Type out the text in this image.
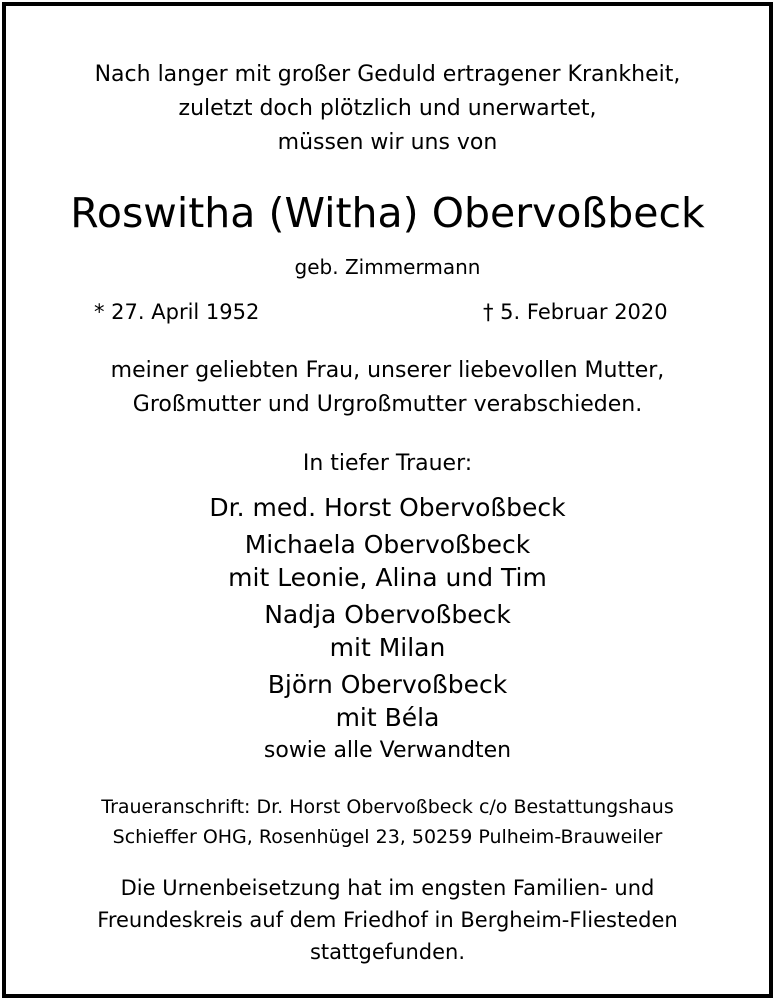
Nach langer mit großer Geduld ertragener Krankheit,
zuletzt doch plötzlich und unerwartet,
müssen wir uns von
Roswitha (Witha) Obervoßbeck
geb. Zimmermann
* 27. April 1952	† 5. Februar 2020
meiner geliebten Frau, unserer liebevollen Mutter,
Großmutter und Urgroßmutter verabschieden.
In tiefer Trauer:
Dr. med. Horst Obervoßbeck
Michaela Obervoßbeck
mit Leonie, Alina und Tim
Nadja Obervoßbeck
mit Milan
Björn Obervoßbeck
mit Béla
sowie alle Verwandten
Traueranschrift: Dr. Horst Obervoßbeck c/o Bestattungshaus
Schieffer OHG, Rosenhügel 23, 50259 Pulheim-Brauweiler
Die Urnenbeisetzung hat im engsten Familien- und
Freundeskreis auf dem Friedhof in Bergheim-Fliesteden
stattgefunden.
